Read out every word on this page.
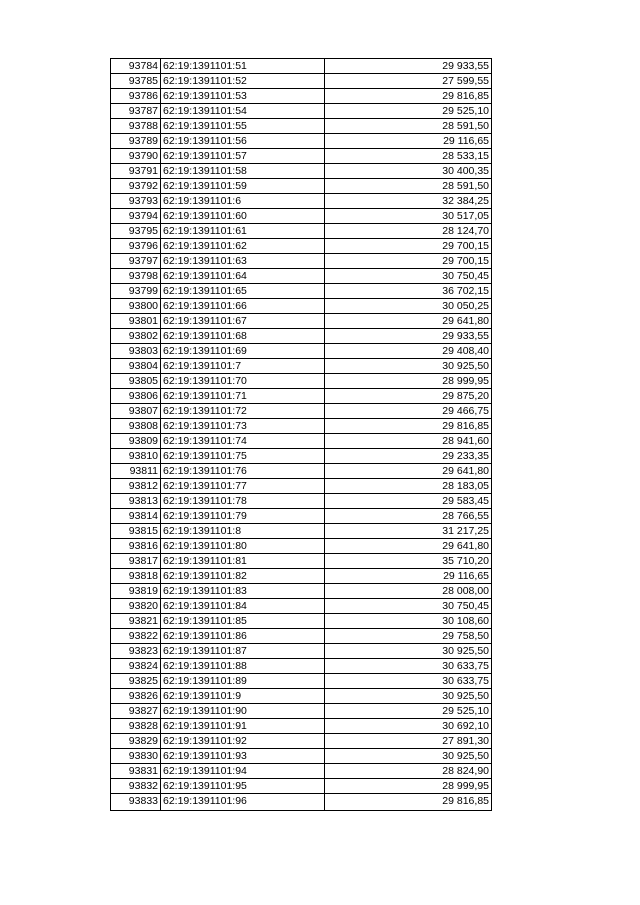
93784	62:19:1391101:51	29 933,55
93785	62:19:1391101:52	27 599,55
93786	62:19:1391101:53	29 816,85
93787	62:19:1391101:54	29 525,10
93788	62:19:1391101:55	28 591,50
93789	62:19:1391101:56	29 116,65
93790	62:19:1391101:57	28 533,15
93791	62:19:1391101:58	30 400,35
93792	62:19:1391101:59	28 591,50
93793	62:19:1391101:6	32 384,25
93794	62:19:1391101:60	30 517,05
93795	62:19:1391101:61	28 124,70
93796	62:19:1391101:62	29 700,15
93797	62:19:1391101:63	29 700,15
93798	62:19:1391101:64	30 750,45
93799	62:19:1391101:65	36 702,15
93800	62:19:1391101:66	30 050,25
93801	62:19:1391101:67	29 641,80
93802	62:19:1391101:68	29 933,55
93803	62:19:1391101:69	29 408,40
93804	62:19:1391101:7	30 925,50
93805	62:19:1391101:70	28 999,95
93806	62:19:1391101:71	29 875,20
93807	62:19:1391101:72	29 466,75
93808	62:19:1391101:73	29 816,85
93809	62:19:1391101:74	28 941,60
93810	62:19:1391101:75	29 233,35
93811	62:19:1391101:76	29 641,80
93812	62:19:1391101:77	28 183,05
93813	62:19:1391101:78	29 583,45
93814	62:19:1391101:79	28 766,55
93815	62:19:1391101:8	31 217,25
93816	62:19:1391101:80	29 641,80
93817	62:19:1391101:81	35 710,20
93818	62:19:1391101:82	29 116,65
93819	62:19:1391101:83	28 008,00
93820	62:19:1391101:84	30 750,45
93821	62:19:1391101:85	30 108,60
93822	62:19:1391101:86	29 758,50
93823	62:19:1391101:87	30 925,50
93824	62:19:1391101:88	30 633,75
93825	62:19:1391101:89	30 633,75
93826	62:19:1391101:9	30 925,50
93827	62:19:1391101:90	29 525,10
93828	62:19:1391101:91	30 692,10
93829	62:19:1391101:92	27 891,30
93830	62:19:1391101:93	30 925,50
93831	62:19:1391101:94	28 824,90
93832	62:19:1391101:95	28 999,95
93833	62:19:1391101:96	29 816,85
